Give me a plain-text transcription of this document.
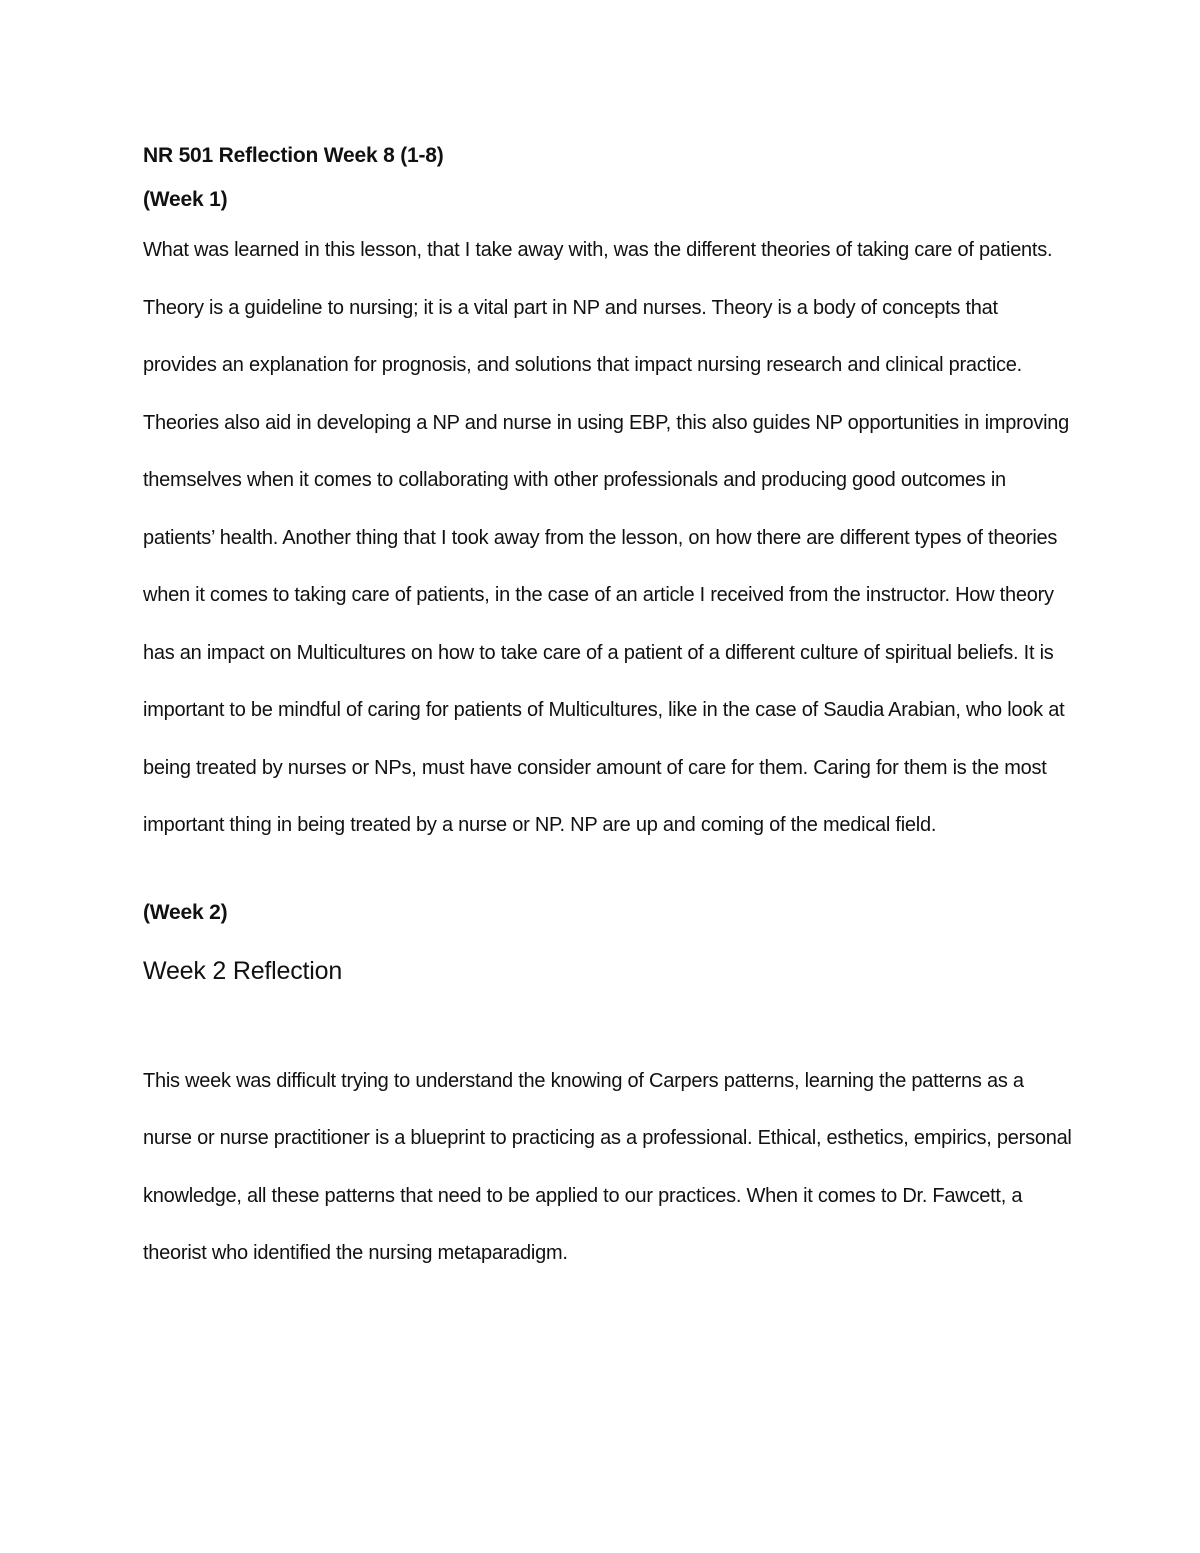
NR 501 Reflection Week 8 (1-8)

(Week 1)

What was learned in this lesson, that I take away with, was the different theories of taking care of patients. Theory is a guideline to nursing; it is a vital part in NP and nurses. Theory is a body of concepts that provides an explanation for prognosis, and solutions that impact nursing research and clinical practice. Theories also aid in developing a NP and nurse in using EBP, this also guides NP opportunities in improving themselves when it comes to collaborating with other professionals and producing good outcomes in patients’ health. Another thing that I took away from the lesson, on how there are different types of theories when it comes to taking care of patients, in the case of an article I received from the instructor. How theory has an impact on Multicultures on how to take care of a patient of a different culture of spiritual beliefs. It is important to be mindful of caring for patients of Multicultures, like in the case of Saudia Arabian, who look at being treated by nurses or NPs, must have consider amount of care for them. Caring for them is the most important thing in being treated by a nurse or NP. NP are up and coming of the medical field.

(Week 2)

Week 2 Reflection

This week was difficult trying to understand the knowing of Carpers patterns, learning the patterns as a nurse or nurse practitioner is a blueprint to practicing as a professional. Ethical, esthetics, empirics, personal knowledge, all these patterns that need to be applied to our practices. When it comes to Dr. Fawcett, a theorist who identified the nursing metaparadigm.
